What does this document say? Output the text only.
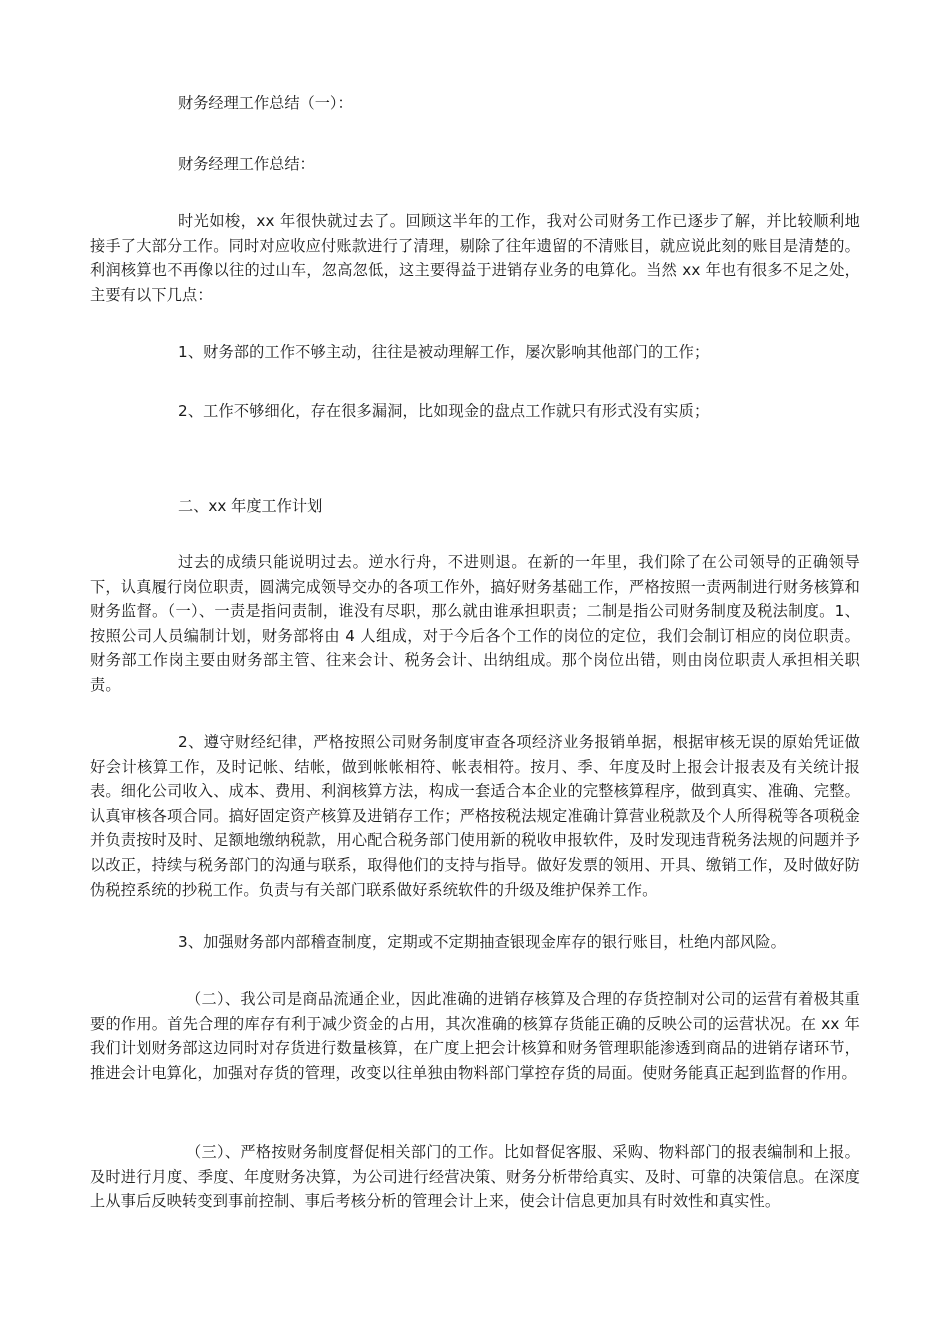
财务经理工作总结（一）：

财务经理工作总结：

时光如梭，xx 年很快就过去了。回顾这半年的工作，我对公司财务工作已逐步了解，并比较顺利地接手了大部分工作。同时对应收应付账款进行了清理，剔除了往年遗留的不清账目，就应说此刻的账目是清楚的。利润核算也不再像以往的过山车，忽高忽低，这主要得益于进销存业务的电算化。当然 xx 年也有很多不足之处，主要有以下几点：

1、财务部的工作不够主动，往往是被动理解工作，屡次影响其他部门的工作；

2、工作不够细化，存在很多漏洞，比如现金的盘点工作就只有形式没有实质；

二、xx 年度工作计划

过去的成绩只能说明过去。逆水行舟，不进则退。在新的一年里，我们除了在公司领导的正确领导下，认真履行岗位职责，圆满完成领导交办的各项工作外，搞好财务基础工作，严格按照一责两制进行财务核算和财务监督。（一）、一责是指问责制，谁没有尽职，那么就由谁承担职责；二制是指公司财务制度及税法制度。1、按照公司人员编制计划，财务部将由 4 人组成，对于今后各个工作的岗位的定位，我们会制订相应的岗位职责。财务部工作岗主要由财务部主管、往来会计、税务会计、出纳组成。那个岗位出错，则由岗位职责人承担相关职责。

2、遵守财经纪律，严格按照公司财务制度审查各项经济业务报销单据，根据审核无误的原始凭证做好会计核算工作，及时记帐、结帐，做到帐帐相符、帐表相符。按月、季、年度及时上报会计报表及有关统计报表。细化公司收入、成本、费用、利润核算方法，构成一套适合本企业的完整核算程序，做到真实、准确、完整。认真审核各项合同。搞好固定资产核算及进销存工作；严格按税法规定准确计算营业税款及个人所得税等各项税金并负责按时及时、足额地缴纳税款，用心配合税务部门使用新的税收申报软件，及时发现违背税务法规的问题并予以改正，持续与税务部门的沟通与联系，取得他们的支持与指导。做好发票的领用、开具、缴销工作，及时做好防伪税控系统的抄税工作。负责与有关部门联系做好系统软件的升级及维护保养工作。

3、加强财务部内部稽查制度，定期或不定期抽查银现金库存的银行账目，杜绝内部风险。

（二）、我公司是商品流通企业，因此准确的进销存核算及合理的存货控制对公司的运营有着极其重要的作用。首先合理的库存有利于减少资金的占用，其次准确的核算存货能正确的反映公司的运营状况。在 xx 年我们计划财务部这边同时对存货进行数量核算，在广度上把会计核算和财务管理职能渗透到商品的进销存诸环节，推进会计电算化，加强对存货的管理，改变以往单独由物料部门掌控存货的局面。使财务能真正起到监督的作用。

（三）、严格按财务制度督促相关部门的工作。比如督促客服、采购、物料部门的报表编制和上报。及时进行月度、季度、年度财务决算，为公司进行经营决策、财务分析带给真实、及时、可靠的决策信息。在深度上从事后反映转变到事前控制、事后考核分析的管理会计上来，使会计信息更加具有时效性和真实性。
